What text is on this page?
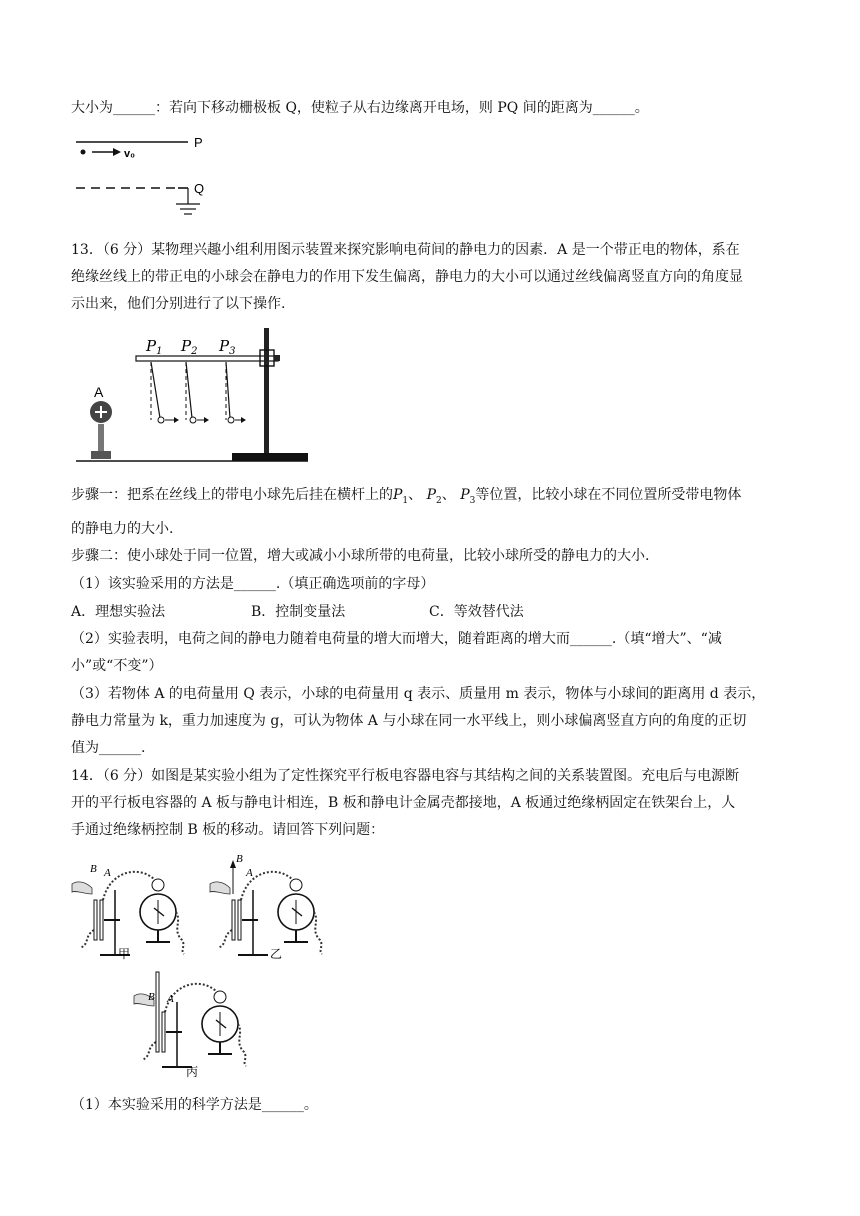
大小为______：若向下移动栅极板 Q，使粒子从右边缘离开电场，则 PQ 间的距离为______。
v₀
P
Q
13．（6 分）某物理兴趣小组利用图示装置来探究影响电荷间的静电力的因素．A 是一个带正电的物体，系在
绝缘丝线上的带正电的小球会在静电力的作用下发生偏离，静电力的大小可以通过丝线偏离竖直方向的角度显
示出来，他们分别进行了以下操作.
A
$P_1$ $P_2$ $P_3$
步骤一：把系在丝线上的带电小球先后挂在横杆上的$P_1$、 $P_2$、 $P_3$等位置，比较小球在不同位置所受带电物体
的静电力的大小.
步骤二：使小球处于同一位置，增大或减小小球所带的电荷量，比较小球所受的静电力的大小.
（1）该实验采用的方法是______.（填正确选项前的字母）
A．理想实验法	B．控制变量法	C．等效替代法
（2）实验表明，电荷之间的静电力随着电荷量的增大而增大，随着距离的增大而______.（填“增大”、“减
小”或“不变”）
（3）若物体 A 的电荷量用 Q 表示，小球的电荷量用 q 表示、质量用 m 表示，物体与小球间的距离用 d 表示，
静电力常量为 k，重力加速度为 g，可认为物体 A 与小球在同一水平线上，则小球偏离竖直方向的角度的正切
值为______.
14．（6 分）如图是某实验小组为了定性探究平行板电容器电容与其结构之间的关系装置图。充电后与电源断
开的平行板电容器的 A 板与静电计相连，B 板和静电计金属壳都接地，A 板通过绝缘柄固定在铁架台上，人
手通过绝缘柄控制 B 板的移动。请回答下列问题：
B A
甲
B
A
乙
B A
丙
（1）本实验采用的科学方法是______。
